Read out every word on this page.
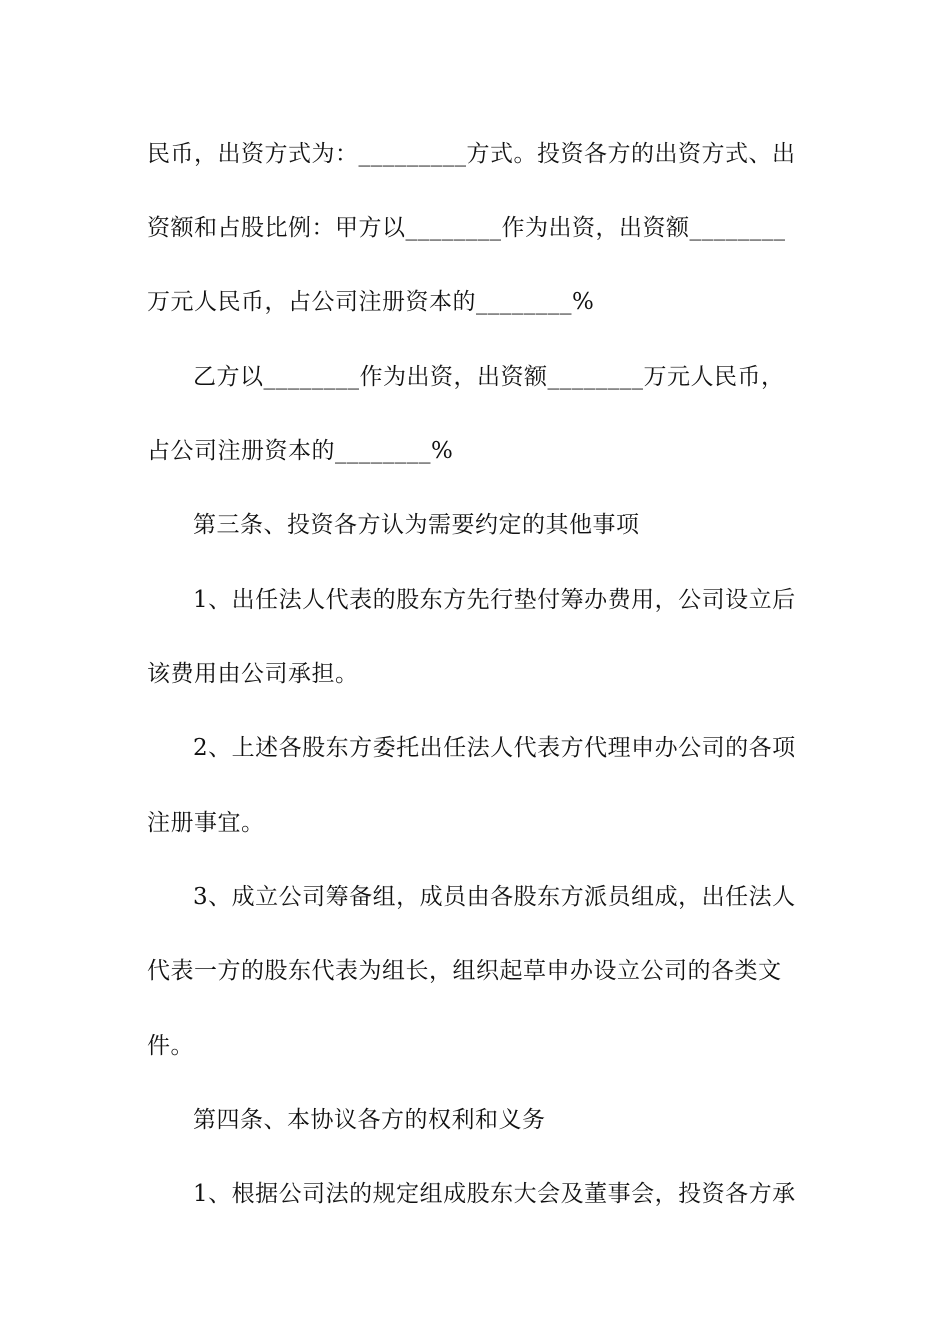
民币，出资方式为：_________方式。投资各方的出资方式、出
资额和占股比例：甲方以________作为出资，出资额________
万元人民币，占公司注册资本的________%
乙方以________作为出资，出资额________万元人民币，
占公司注册资本的________%
第三条、投资各方认为需要约定的其他事项
1、出任法人代表的股东方先行垫付筹办费用，公司设立后
该费用由公司承担。
2、上述各股东方委托出任法人代表方代理申办公司的各项
注册事宜。
3、成立公司筹备组，成员由各股东方派员组成，出任法人
代表一方的股东代表为组长，组织起草申办设立公司的各类文
件。
第四条、本协议各方的权利和义务
1、根据公司法的规定组成股东大会及董事会，投资各方承
